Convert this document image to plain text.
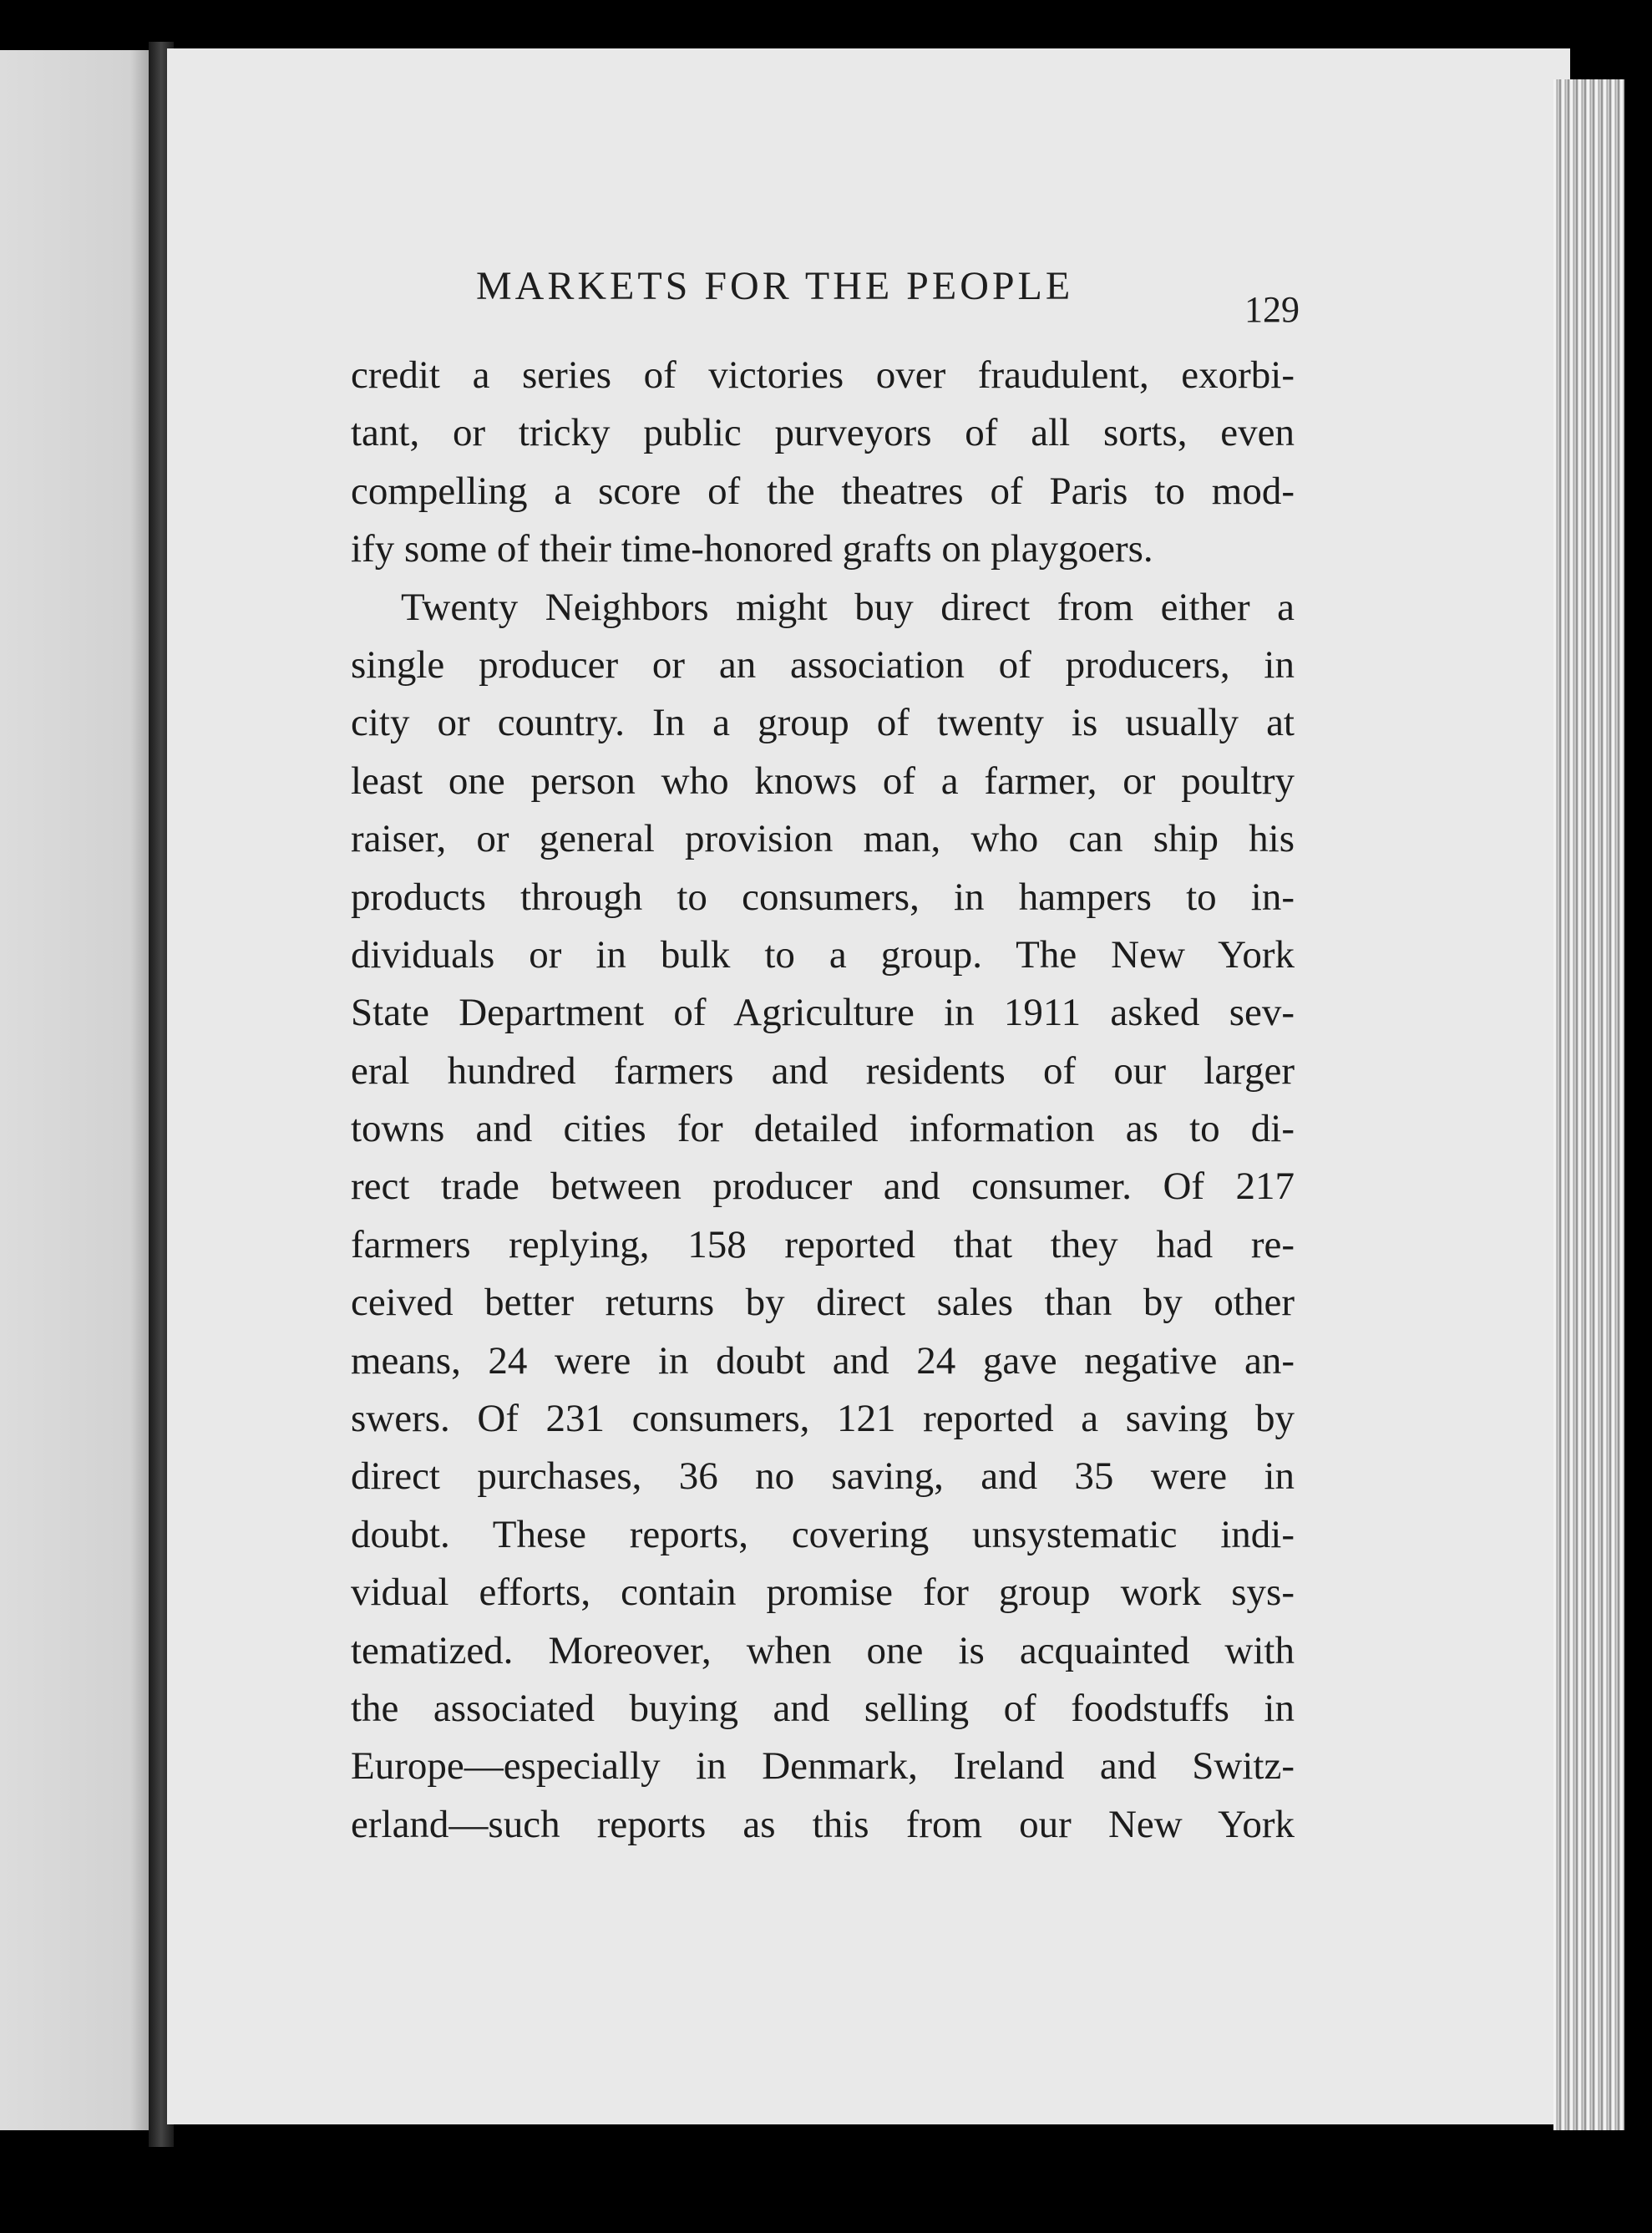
MARKETS FOR THE PEOPLE
129
credit a series of victories over fraudulent, exorbi-
tant, or tricky public purveyors of all sorts, even
compelling a score of the theatres of Paris to mod-
ify some of their time-honored grafts on playgoers.
Twenty Neighbors might buy direct from either a
single producer or an association of producers, in
city or country. In a group of twenty is usually at
least one person who knows of a farmer, or poultry
raiser, or general provision man, who can ship his
products through to consumers, in hampers to in-
dividuals or in bulk to a group. The New York
State Department of Agriculture in 1911 asked sev-
eral hundred farmers and residents of our larger
towns and cities for detailed information as to di-
rect trade between producer and consumer. Of 217
farmers replying, 158 reported that they had re-
ceived better returns by direct sales than by other
means, 24 were in doubt and 24 gave negative an-
swers. Of 231 consumers, 121 reported a saving by
direct purchases, 36 no saving, and 35 were in
doubt. These reports, covering unsystematic indi-
vidual efforts, contain promise for group work sys-
tematized. Moreover, when one is acquainted with
the associated buying and selling of foodstuffs in
Europe—especially in Denmark, Ireland and Switz-
erland—such reports as this from our New York
